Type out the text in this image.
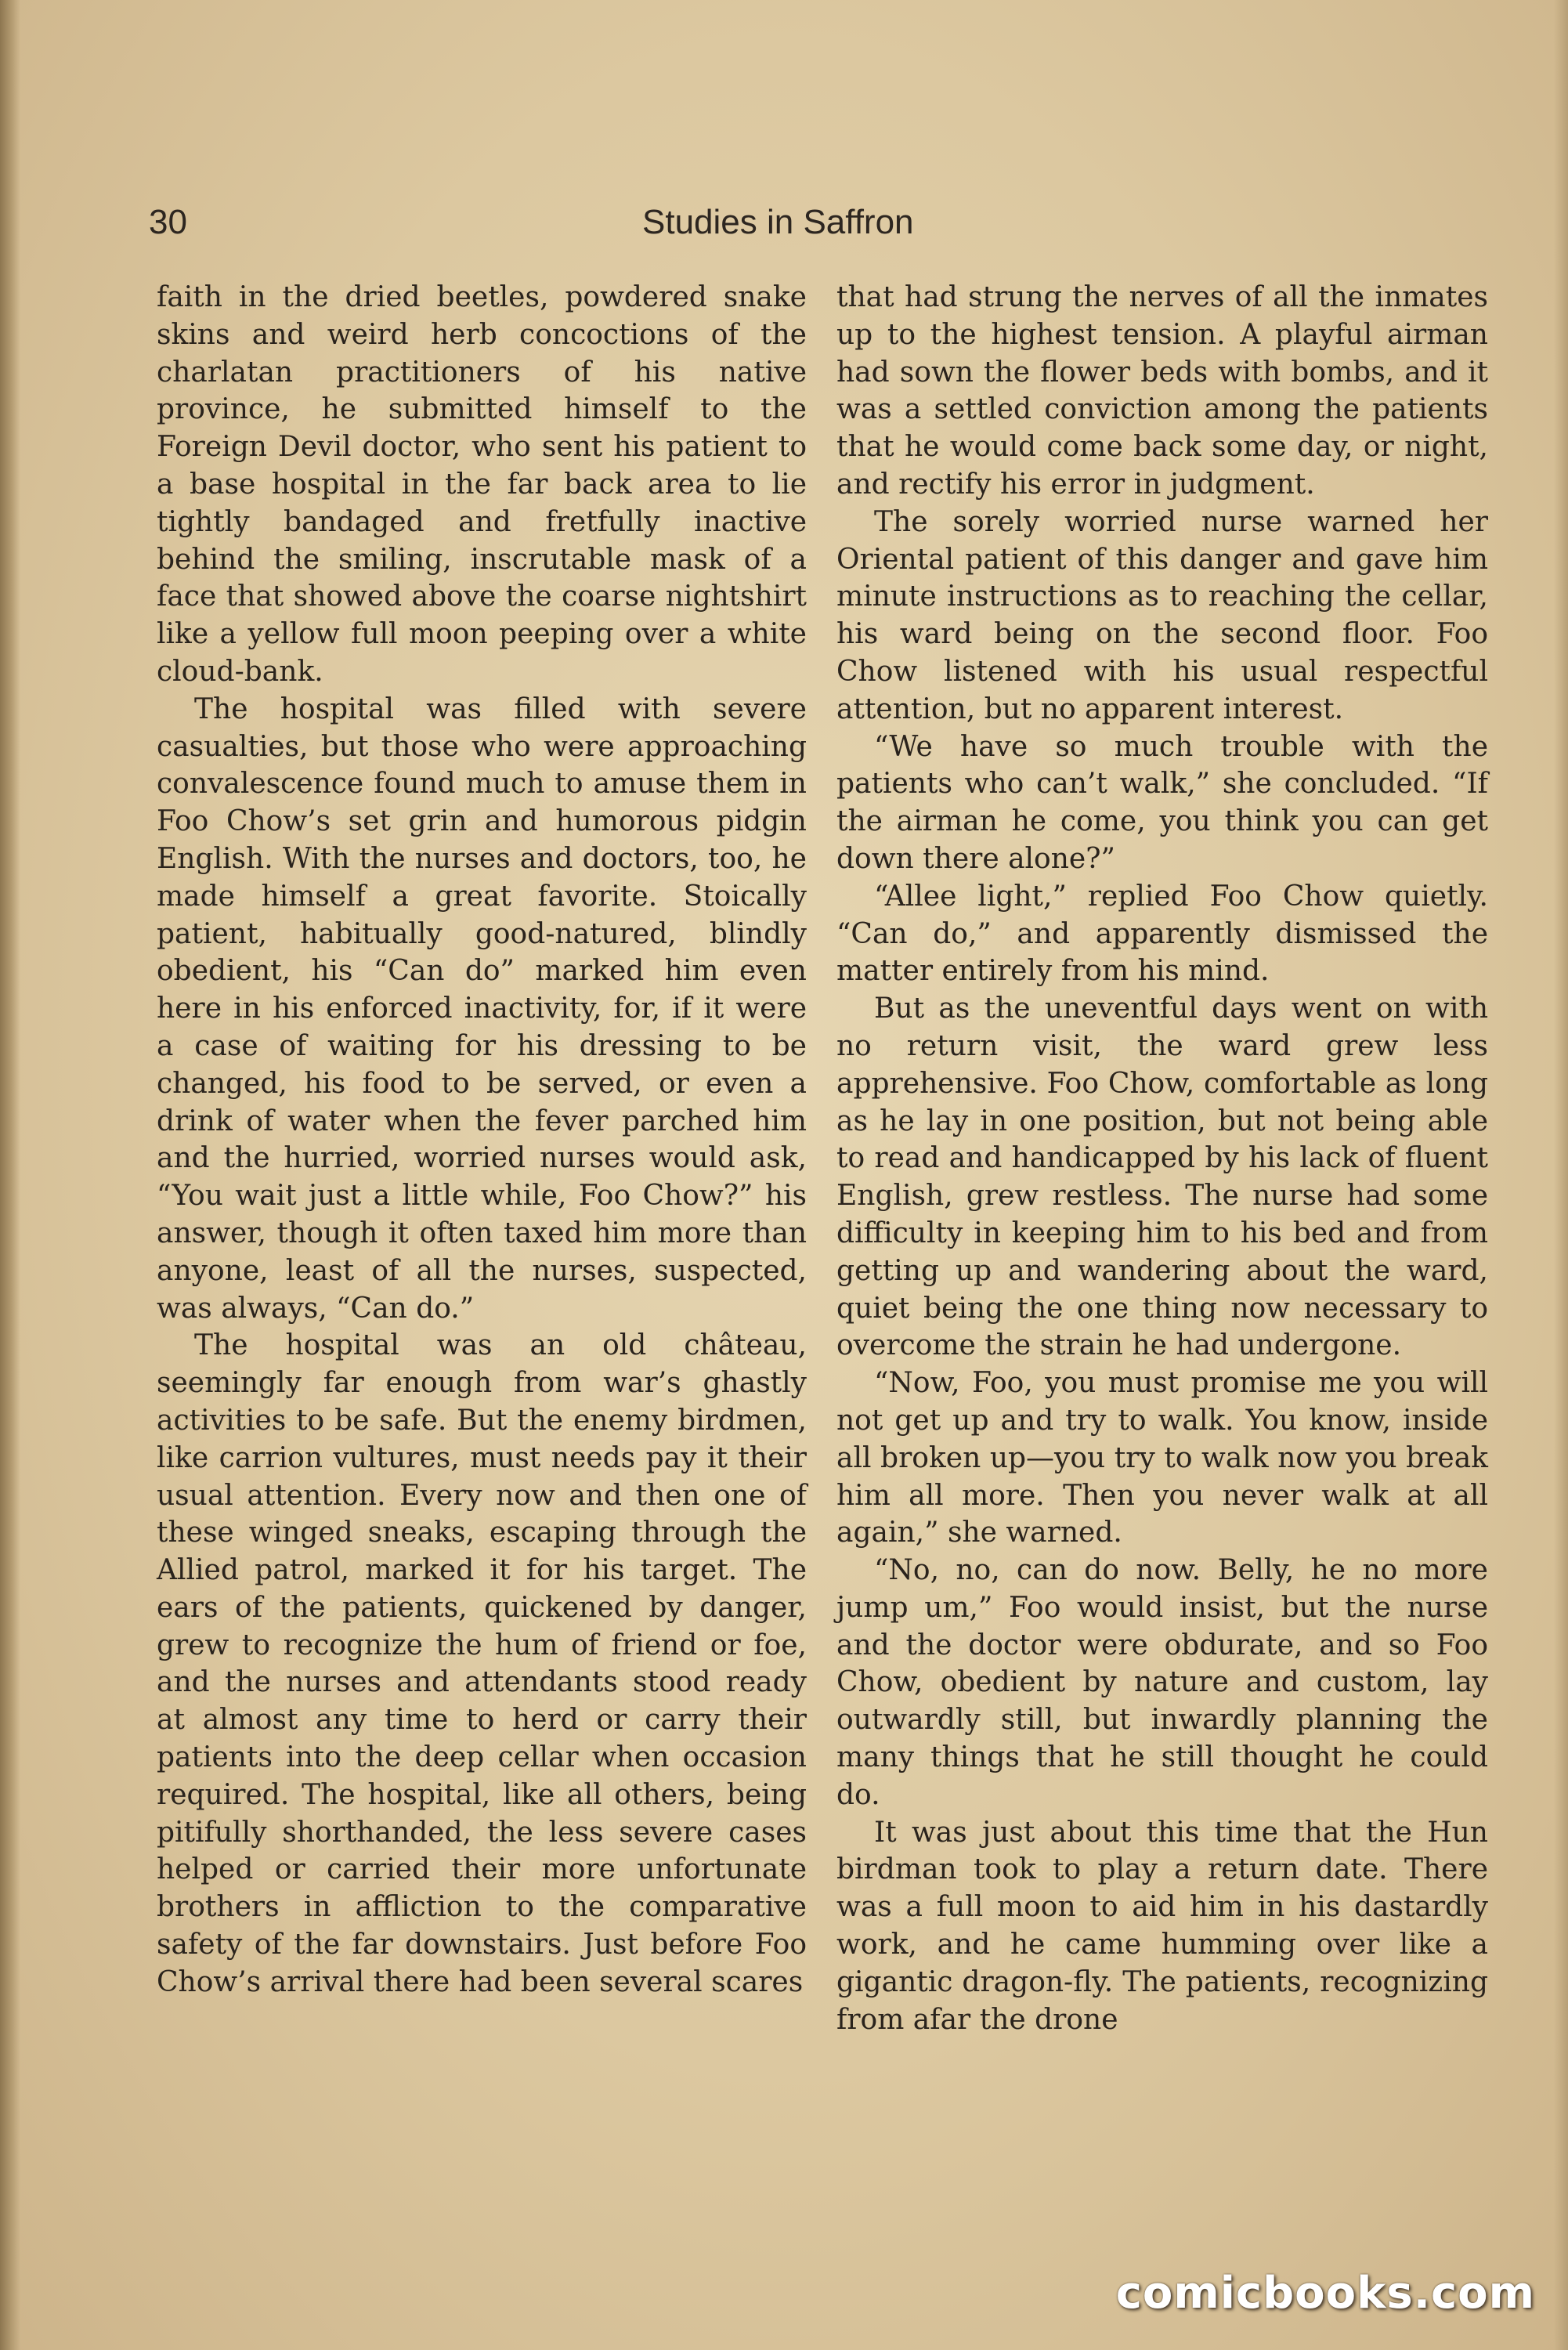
30	Studies in Saffron

faith in the dried beetles, powdered snake skins and weird herb concoctions of the charlatan practitioners of his native province, he submitted himself to the Foreign Devil doctor, who sent his patient to a base hospital in the far back area to lie tightly bandaged and fretfully inactive behind the smiling, inscrutable mask of a face that showed above the coarse nightshirt like a yellow full moon peeping over a white cloud-bank.

The hospital was filled with severe casualties, but those who were approaching convalescence found much to amuse them in Foo Chow’s set grin and humorous pidgin English. With the nurses and doctors, too, he made himself a great favorite. Stoically patient, habitually good-natured, blindly obedient, his “Can do” marked him even here in his enforced inactivity, for, if it were a case of waiting for his dressing to be changed, his food to be served, or even a drink of water when the fever parched him and the hurried, worried nurses would ask, “You wait just a little while, Foo Chow?” his answer, though it often taxed him more than anyone, least of all the nurses, suspected, was always, “Can do.”

The hospital was an old château, seemingly far enough from war’s ghastly activities to be safe. But the enemy birdmen, like carrion vultures, must needs pay it their usual attention. Every now and then one of these winged sneaks, escaping through the Allied patrol, marked it for his target. The ears of the patients, quickened by danger, grew to recognize the hum of friend or foe, and the nurses and attendants stood ready at almost any time to herd or carry their patients into the deep cellar when occasion required. The hospital, like all others, being pitifully shorthanded, the less severe cases helped or carried their more unfortunate brothers in affliction to the comparative safety of the far downstairs. Just before Foo Chow’s arrival there had been several scares

that had strung the nerves of all the inmates up to the highest tension. A playful airman had sown the flower beds with bombs, and it was a settled conviction among the patients that he would come back some day, or night, and rectify his error in judgment.

The sorely worried nurse warned her Oriental patient of this danger and gave him minute instructions as to reaching the cellar, his ward being on the second floor. Foo Chow listened with his usual respectful attention, but no apparent interest.

“We have so much trouble with the patients who can’t walk,” she concluded. “If the airman he come, you think you can get down there alone?”

“Allee light,” replied Foo Chow quietly. “Can do,” and apparently dismissed the matter entirely from his mind.

But as the uneventful days went on with no return visit, the ward grew less apprehensive. Foo Chow, comfortable as long as he lay in one position, but not being able to read and handicapped by his lack of fluent English, grew restless. The nurse had some difficulty in keeping him to his bed and from getting up and wandering about the ward, quiet being the one thing now necessary to overcome the strain he had undergone.

“Now, Foo, you must promise me you will not get up and try to walk. You know, inside all broken up—you try to walk now you break him all more. Then you never walk at all again,” she warned.

“No, no, can do now. Belly, he no more jump um,” Foo would insist, but the nurse and the doctor were obdurate, and so Foo Chow, obedient by nature and custom, lay outwardly still, but inwardly planning the many things that he still thought he could do.

It was just about this time that the Hun birdman took to play a return date. There was a full moon to aid him in his dastardly work, and he came humming over like a gigantic dragon-fly. The patients, recognizing from afar the drone

comicbooks.com
